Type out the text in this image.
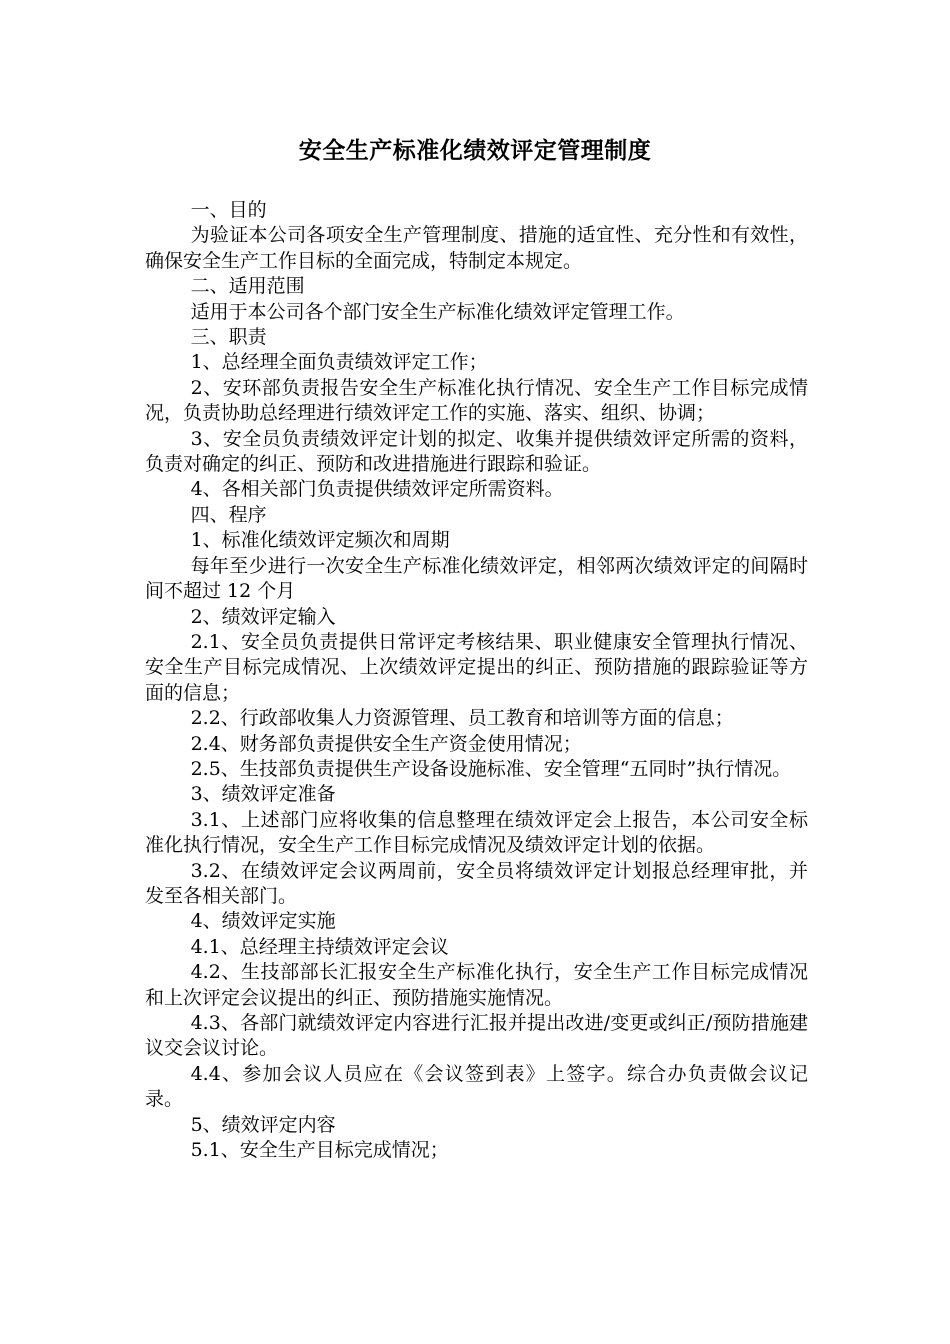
安全生产标准化绩效评定管理制度

一、目的

为验证本公司各项安全生产管理制度、措施的适宜性、充分性和有效性，确保安全生产工作目标的全面完成，特制定本规定。

二、适用范围

适用于本公司各个部门安全生产标准化绩效评定管理工作。

三、职责

1、总经理全面负责绩效评定工作；

2、安环部负责报告安全生产标准化执行情况、安全生产工作目标完成情况，负责协助总经理进行绩效评定工作的实施、落实、组织、协调；

3、安全员负责绩效评定计划的拟定、收集并提供绩效评定所需的资料，负责对确定的纠正、预防和改进措施进行跟踪和验证。

4、各相关部门负责提供绩效评定所需资料。

四、程序

1、标准化绩效评定频次和周期

每年至少进行一次安全生产标准化绩效评定，相邻两次绩效评定的间隔时间不超过 12 个月

2、绩效评定输入

2.1、安全员负责提供日常评定考核结果、职业健康安全管理执行情况、安全生产目标完成情况、上次绩效评定提出的纠正、预防措施的跟踪验证等方面的信息；

2.2、行政部收集人力资源管理、员工教育和培训等方面的信息；

2.4、财务部负责提供安全生产资金使用情况；

2.5、生技部负责提供生产设备设施标准、安全管理“五同时”执行情况。

3、绩效评定准备

3.1、上述部门应将收集的信息整理在绩效评定会上报告，本公司安全标准化执行情况，安全生产工作目标完成情况及绩效评定计划的依据。

3.2、在绩效评定会议两周前，安全员将绩效评定计划报总经理审批，并发至各相关部门。

4、绩效评定实施

4.1、总经理主持绩效评定会议

4.2、生技部部长汇报安全生产标准化执行，安全生产工作目标完成情况和上次评定会议提出的纠正、预防措施实施情况。

4.3、各部门就绩效评定内容进行汇报并提出改进/变更或纠正/预防措施建议交会议讨论。

4.4、参加会议人员应在《会议签到表》上签字。综合办负责做会议记录。

5、绩效评定内容

5.1、安全生产目标完成情况；
